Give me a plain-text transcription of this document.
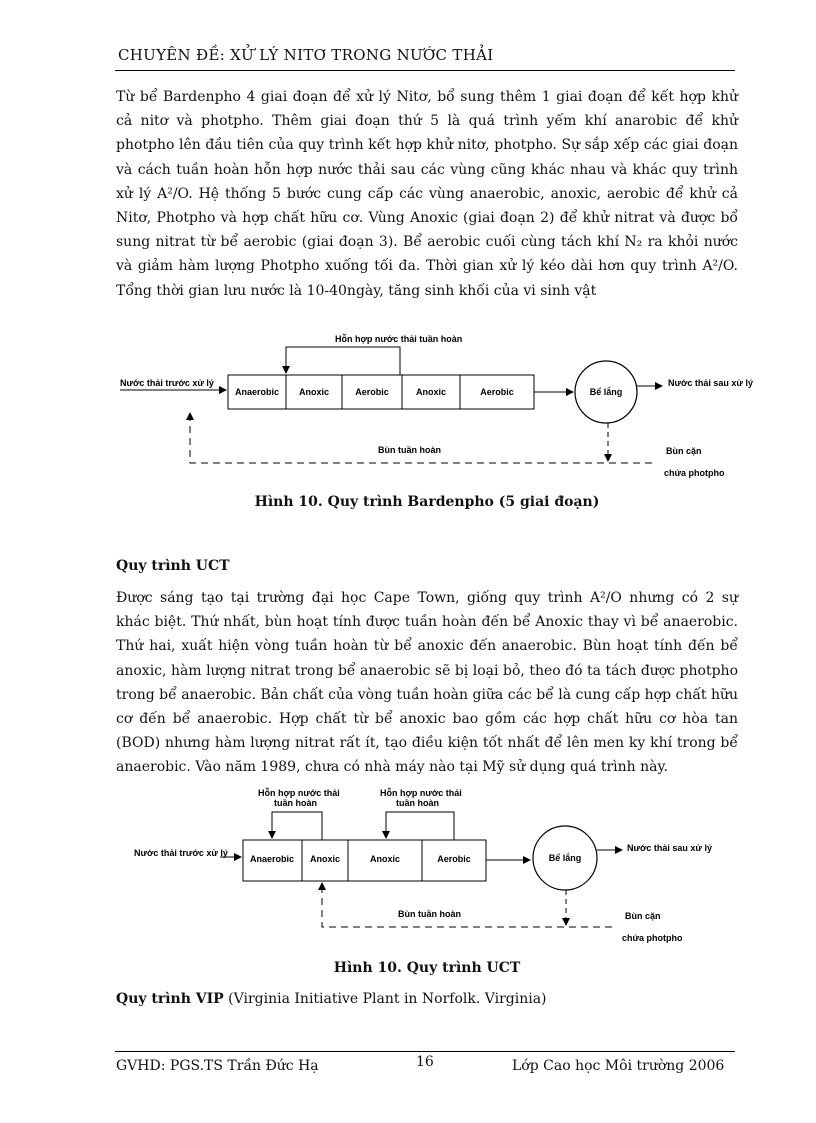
CHUYÊN ĐỀ: XỬ LÝ NITƠ TRONG NƯỚC THẢI
Từ bể Bardenpho 4 giai đoạn để xử lý Nitơ, bổ sung thêm 1 giai đoạn để kết hợp khử
cả nitơ và photpho. Thêm giai đoạn thứ 5 là quá trình yếm khí anarobic để khử
photpho lên đầu tiên của quy trình kết hợp khử nitơ, photpho. Sự sắp xếp các giai đoạn
và cách tuần hoàn hỗn hợp nước thải sau các vùng cũng khác nhau và khác quy trình
xử lý A²/O. Hệ thống 5 bước cung cấp các vùng anaerobic, anoxic, aerobic để khử cả
Nitơ, Photpho và hợp chất hữu cơ. Vùng Anoxic (giai đoạn 2) để khử nitrat và được bổ
sung nitrat từ bể aerobic (giai đoạn 3). Bể aerobic cuối cùng tách khí N₂ ra khỏi nước
và giảm hàm lượng Photpho xuống tối đa. Thời gian xử lý kéo dài hơn quy trình A²/O.
Tổng thời gian lưu nước là 10-40ngày, tăng sinh khối của vi sinh vật
Hỗn hợp nước thải tuần hoàn
Nước thải trước xử lý
Anaerobic Anoxic	Aerobic	Anoxic	Aerobic	Bể lắng
Nước thải sau xử lý
Bùn tuần hoàn	Bùn cặn
chứa photpho
Hình 10. Quy trình Bardenpho (5 giai đoạn)
Quy trình UCT
Được sáng tạo tại trường đại học Cape Town, giống quy trình A²/O nhưng có 2 sự
khác biệt. Thứ nhất, bùn hoạt tính được tuần hoàn đến bể Anoxic thay vì bể anaerobic.
Thứ hai, xuất hiện vòng tuần hoàn từ bể anoxic đến anaerobic. Bùn hoạt tính đến bể
anoxic, hàm lượng nitrat trong bể anaerobic sẽ bị loại bỏ, theo đó ta tách được photpho
trong bể anaerobic. Bản chất của vòng tuần hoàn giữa các bể là cung cấp hợp chất hữu
cơ đến bể anaerobic. Hợp chất từ bể anoxic bao gồm các hợp chất hữu cơ hòa tan
(BOD) nhưng hàm lượng nitrat rất ít, tạo điều kiện tốt nhất để lên men ky khí trong bể
anaerobic. Vào năm 1989, chưa có nhà máy nào tại Mỹ sử dụng quá trình này.
Hỗn hợp nước thải
tuần hoàn
Hỗn hợp nước thải
tuần hoàn
Nước thải trước xử lý
Anaerobic Anoxic	Anoxic	Aerobic	Bể lắng
Nước thải sau xử lý
Bùn tuần hoàn	Bùn cặn
chứa photpho
Hình 10. Quy trình UCT
Quy trình VIP (Virginia Initiative Plant in Norfolk. Virginia)
GVHD: PGS.TS Trần Đức Hạ	16	Lớp Cao học Môi trường 2006
